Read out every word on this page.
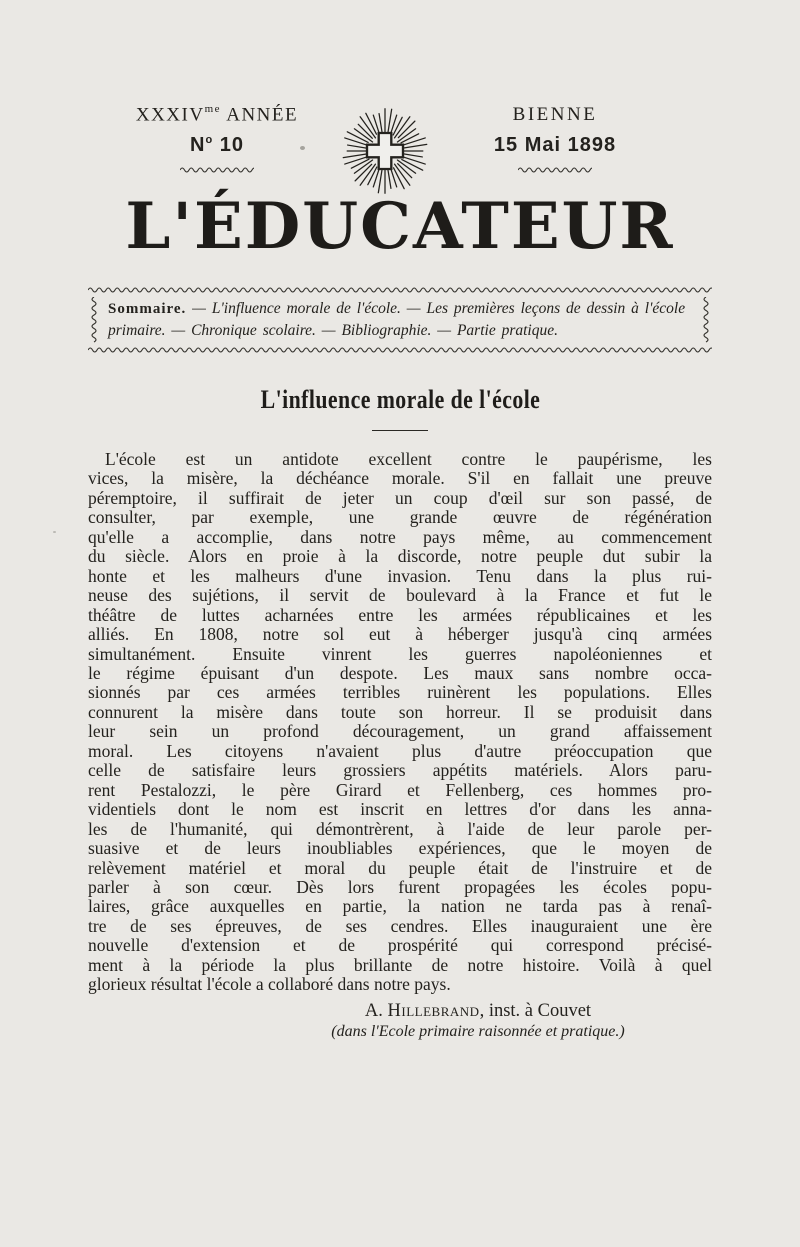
$XXXIV^{me}$ ANNÉE
$N^o$ 10
BIENNE
15 Mai 1898
L'ÉDUCATEUR
Sommaire. — L'influence morale de l'école. — Les premières leçons de dessin à l'école primaire. — Chronique scolaire. — Bibliographie. — Partie pratique.
L'influence morale de l'école
L'école est un antidote excellent contre le paupérisme, les
vices, la misère, la déchéance morale. S'il en fallait une preuve
péremptoire, il suffirait de jeter un coup d'œil sur son passé, de
consulter, par exemple, une grande œuvre de régénération
qu'elle a accomplie, dans notre pays même, au commencement
du siècle. Alors en proie à la discorde, notre peuple dut subir la
honte et les malheurs d'une invasion. Tenu dans la plus rui-
neuse des sujétions, il servit de boulevard à la France et fut le
théâtre de luttes acharnées entre les armées républicaines et les
alliés. En 1808, notre sol eut à héberger jusqu'à cinq armées
simultanément. Ensuite vinrent les guerres napoléoniennes et
le régime épuisant d'un despote. Les maux sans nombre occa-
sionnés par ces armées terribles ruinèrent les populations. Elles
connurent la misère dans toute son horreur. Il se produisit dans
leur sein un profond découragement, un grand affaissement
moral. Les citoyens n'avaient plus d'autre préoccupation que
celle de satisfaire leurs grossiers appétits matériels. Alors paru-
rent Pestalozzi, le père Girard et Fellenberg, ces hommes pro-
videntiels dont le nom est inscrit en lettres d'or dans les anna-
les de l'humanité, qui démontrèrent, à l'aide de leur parole per-
suasive et de leurs inoubliables expériences, que le moyen de
relèvement matériel et moral du peuple était de l'instruire et de
parler à son cœur. Dès lors furent propagées les écoles popu-
laires, grâce auxquelles en partie, la nation ne tarda pas à renaî-
tre de ses épreuves, de ses cendres. Elles inauguraient une ère
nouvelle d'extension et de prospérité qui correspond précisé-
ment à la période la plus brillante de notre histoire. Voilà à quel
glorieux résultat l'école a collaboré dans notre pays.
A. Hillebrand, inst. à Couvet
(dans l'Ecole primaire raisonnée et pratique.)
